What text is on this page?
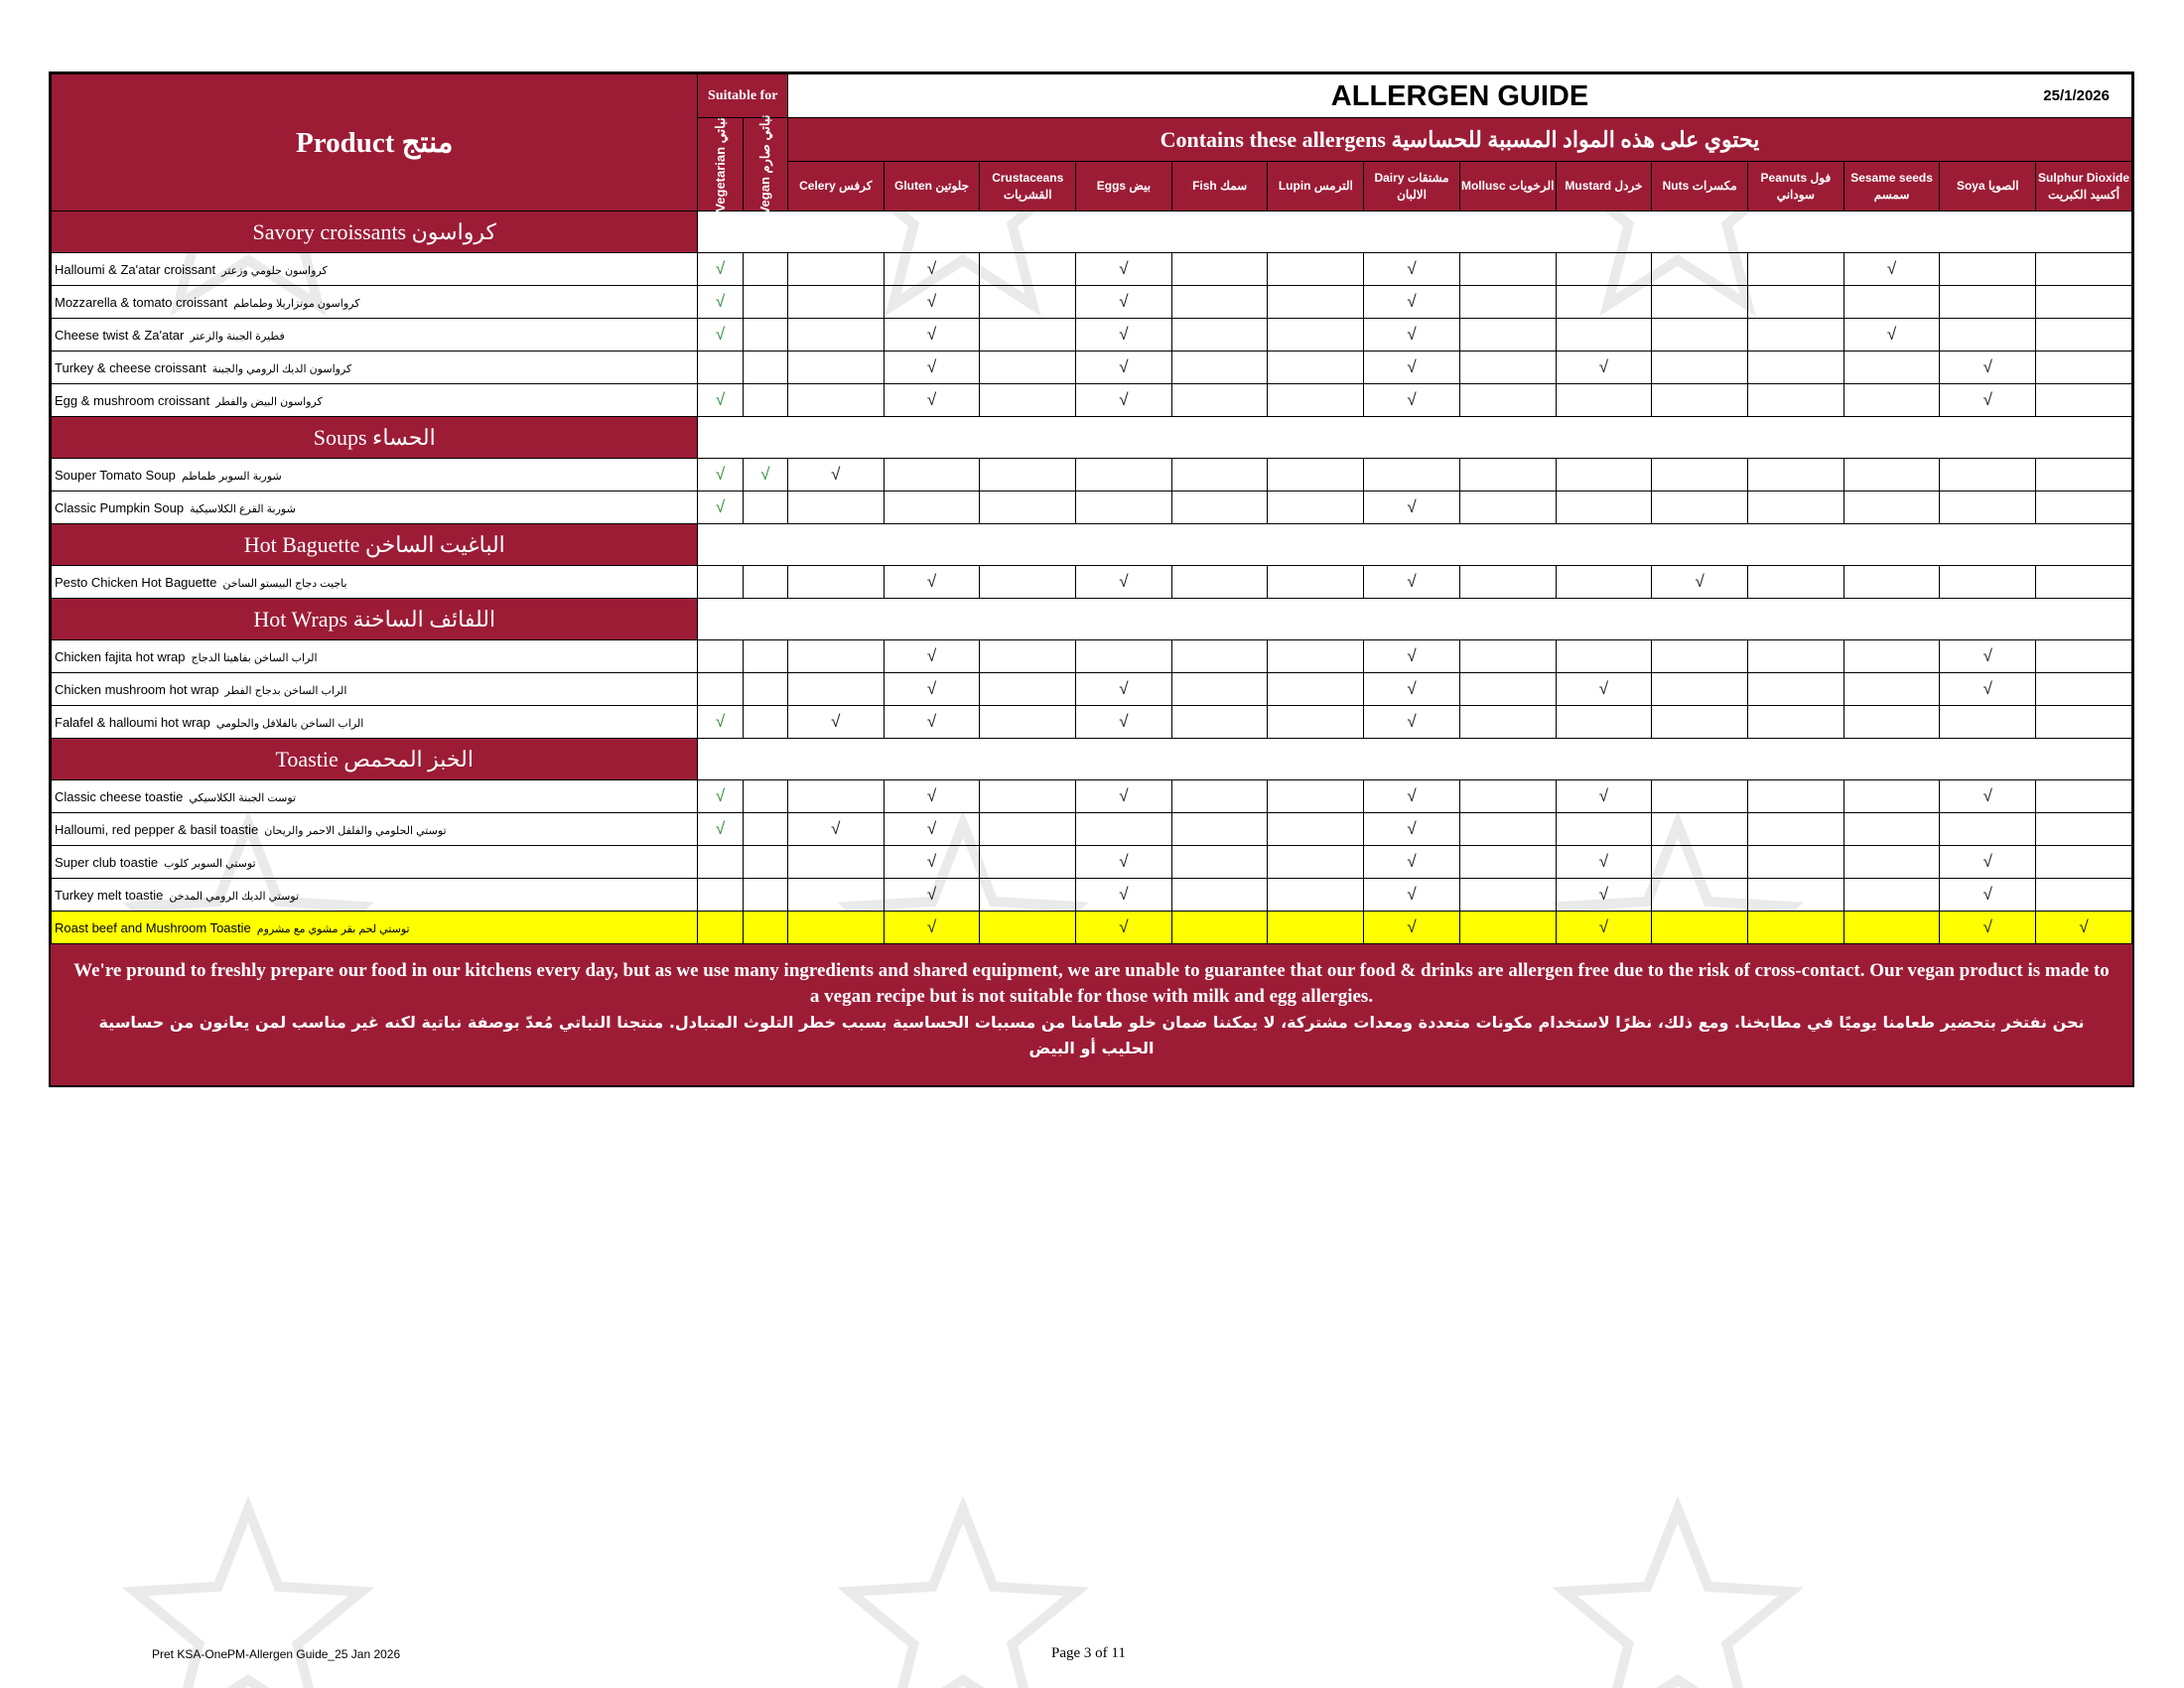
Product منتج	Suitable for		ALLERGEN GUIDE 25/1/2026													

	Vegetarian نباتي	Vegan نباتي صارم	Contains these allergens يحتوي على هذه المواد المسببة للحساسية													
			Celery كرفس	Gluten جلوتين	Crustaceans القشريات	Eggs بيض	Fish سمك	Lupin الترمس	Dairy مشتقات الالبان	Mollusc الرخويات	Mustard خردل	Nuts مكسرات	Peanuts فول سوداني	Sesame seeds سمسم	Soya الصويا	Sulphur Dioxide أكسيد الكبريت
Savory croissants كرواسون																
Halloumi & Za'atar croissant كرواسون حلومي وزعتر	√			√		√			√					√		
Mozzarella & tomato croissant كرواسون موتزاريلا وطماطم	√			√		√			√							
Cheese twist & Za'atar فطيرة الجبنة والزعتر	√			√		√			√					√		
Turkey & cheese croissant كرواسون الديك الرومي والجبنة				√		√			√		√				√	
Egg & mushroom croissant كرواسون البيض والفطر	√			√		√			√						√	
Soups الحساء																
Souper Tomato Soup شوربة السوبر طماطم	√	√	√													
Classic Pumpkin Soup شوربة القرع الكلاسيكية	√								√							
Hot Baguette الباغيت الساخن																
Pesto Chicken Hot Baguette باجيت دجاج البيستو الساخن				√		√			√			√				
Hot Wraps اللفائف الساخنة																
Chicken fajita hot wrap الراب الساخن بفاهيتا الدجاج				√					√						√	
Chicken mushroom hot wrap الراب الساخن بدجاج الفطر				√		√			√		√				√	
Falafel & halloumi hot wrap الراب الساخن بالفلافل والحلومي	√		√	√		√			√							
Toastie الخبز المحمص																
Classic cheese toastie توست الجبنة الكلاسيكي	√			√		√			√		√				√	
Halloumi, red pepper & basil toastie توستي الحلومي والفلفل الاحمر والريحان	√		√	√					√							
Super club toastie توستي السوبر كلوب				√		√			√		√				√	
Turkey melt toastie توستي الديك الرومي المدخن				√		√			√		√				√	
Roast beef and Mushroom Toastie توستي لحم بقر مشوي مع مشروم				√		√			√		√				√	√
We're pround to freshly prepare our food in our kitchens every day, but as we use many ingredients and shared equipment, we are unable to guarantee that our food & drinks are allergen free due to the risk of cross-contact. Our vegan product is made to a vegan recipe but is not suitable for those with milk and egg allergies.
نحن نفتخر بتحضير طعامنا يوميًا في مطابخنا. ومع ذلك، نظرًا لاستخدام مكونات متعددة ومعدات مشتركة، لا يمكننا ضمان خلو طعامنا من مسببات الحساسية بسبب خطر التلوث المتبادل. منتجنا النباتي مُعدّ بوصفة نباتية لكنه غير مناسب لمن يعانون من حساسية الحليب أو البيض
Pret KSA-OnePM-Allergen Guide_25 Jan 2026	Page 3 of 11
